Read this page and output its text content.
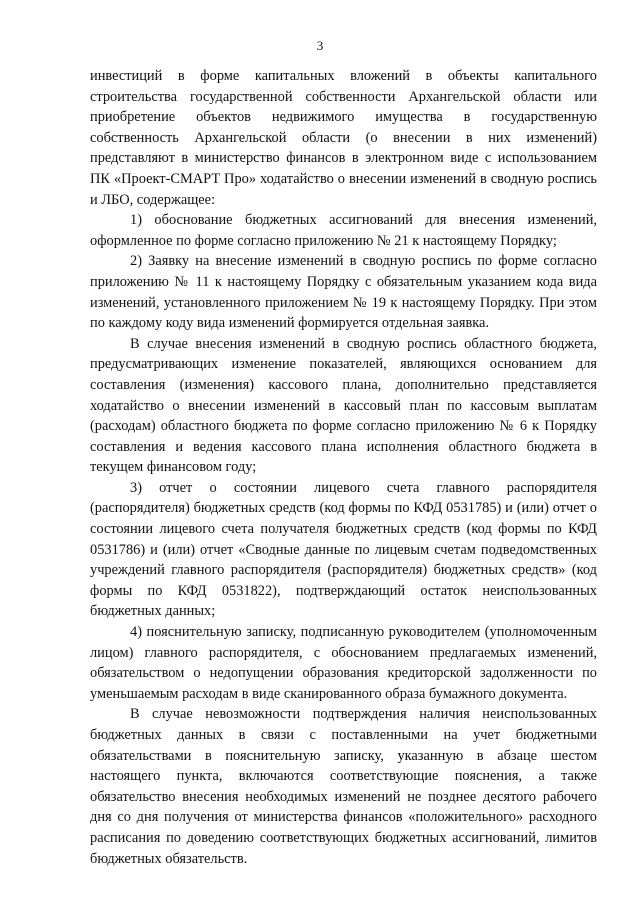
3

инвестиций в форме капитальных вложений в объекты капитального строительства государственной собственности Архангельской области или приобретение объектов недвижимого имущества в государственную собственность Архангельской области (о внесении в них изменений) представляют в министерство финансов в электронном виде с использованием ПК «Проект-СМАРТ Про» ходатайство о внесении изменений в сводную роспись и ЛБО, содержащее:

1) обоснование бюджетных ассигнований для внесения изменений, оформленное по форме согласно приложению № 21 к настоящему Порядку;

2) Заявку на внесение изменений в сводную роспись по форме согласно приложению № 11 к настоящему Порядку с обязательным указанием кода вида изменений, установленного приложением № 19 к настоящему Порядку. При этом по каждому коду вида изменений формируется отдельная заявка.

В случае внесения изменений в сводную роспись областного бюджета, предусматривающих изменение показателей, являющихся основанием для составления (изменения) кассового плана, дополнительно представляется ходатайство о внесении изменений в кассовый план по кассовым выплатам (расходам) областного бюджета по форме согласно приложению № 6 к Порядку составления и ведения кассового плана исполнения областного бюджета в текущем финансовом году;

3) отчет о состоянии лицевого счета главного распорядителя (распорядителя) бюджетных средств (код формы по КФД 0531785) и (или) отчет о состоянии лицевого счета получателя бюджетных средств (код формы по КФД 0531786) и (или) отчет «Сводные данные по лицевым счетам подведомственных учреждений главного распорядителя (распорядителя) бюджетных средств» (код формы по КФД 0531822), подтверждающий остаток неиспользованных бюджетных данных;

4) пояснительную записку, подписанную руководителем (уполномоченным лицом) главного распорядителя, с обоснованием предлагаемых изменений, обязательством о недопущении образования кредиторской задолженности по уменьшаемым расходам в виде сканированного образа бумажного документа.

В случае невозможности подтверждения наличия неиспользованных бюджетных данных в связи с поставленными на учет бюджетными обязательствами в пояснительную записку, указанную в абзаце шестом настоящего пункта, включаются соответствующие пояснения, а также обязательство внесения необходимых изменений не позднее десятого рабочего дня со дня получения от министерства финансов «положительного» расходного расписания по доведению соответствующих бюджетных ассигнований, лимитов бюджетных обязательств.
